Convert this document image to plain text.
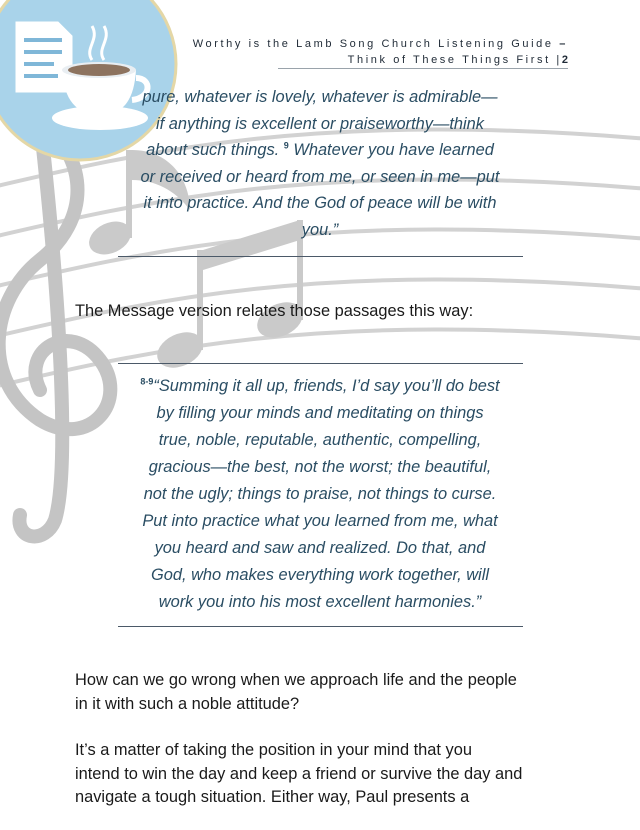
Worthy is the Lamb Song Church Listening Guide –
Think of These Things First |2
pure, whatever is lovely, whatever is admirable—
if anything is excellent or praiseworthy—think
about such things. $^9$ Whatever you have learned
or received or heard from me, or seen in me—put
it into practice. And the God of peace will be with
you.”
The Message version relates those passages this way:
$^{8-9}$“Summing it all up, friends, I’d say you’ll do best
by filling your minds and meditating on things
true, noble, reputable, authentic, compelling,
gracious—the best, not the worst; the beautiful,
not the ugly; things to praise, not things to curse.
Put into practice what you learned from me, what
you heard and saw and realized. Do that, and
God, who makes everything work together, will
work you into his most excellent harmonies.”
How can we go wrong when we approach life and the people
in it with such a noble attitude?
It’s a matter of taking the position in your mind that you
intend to win the day and keep a friend or survive the day and
navigate a tough situation. Either way, Paul presents a
